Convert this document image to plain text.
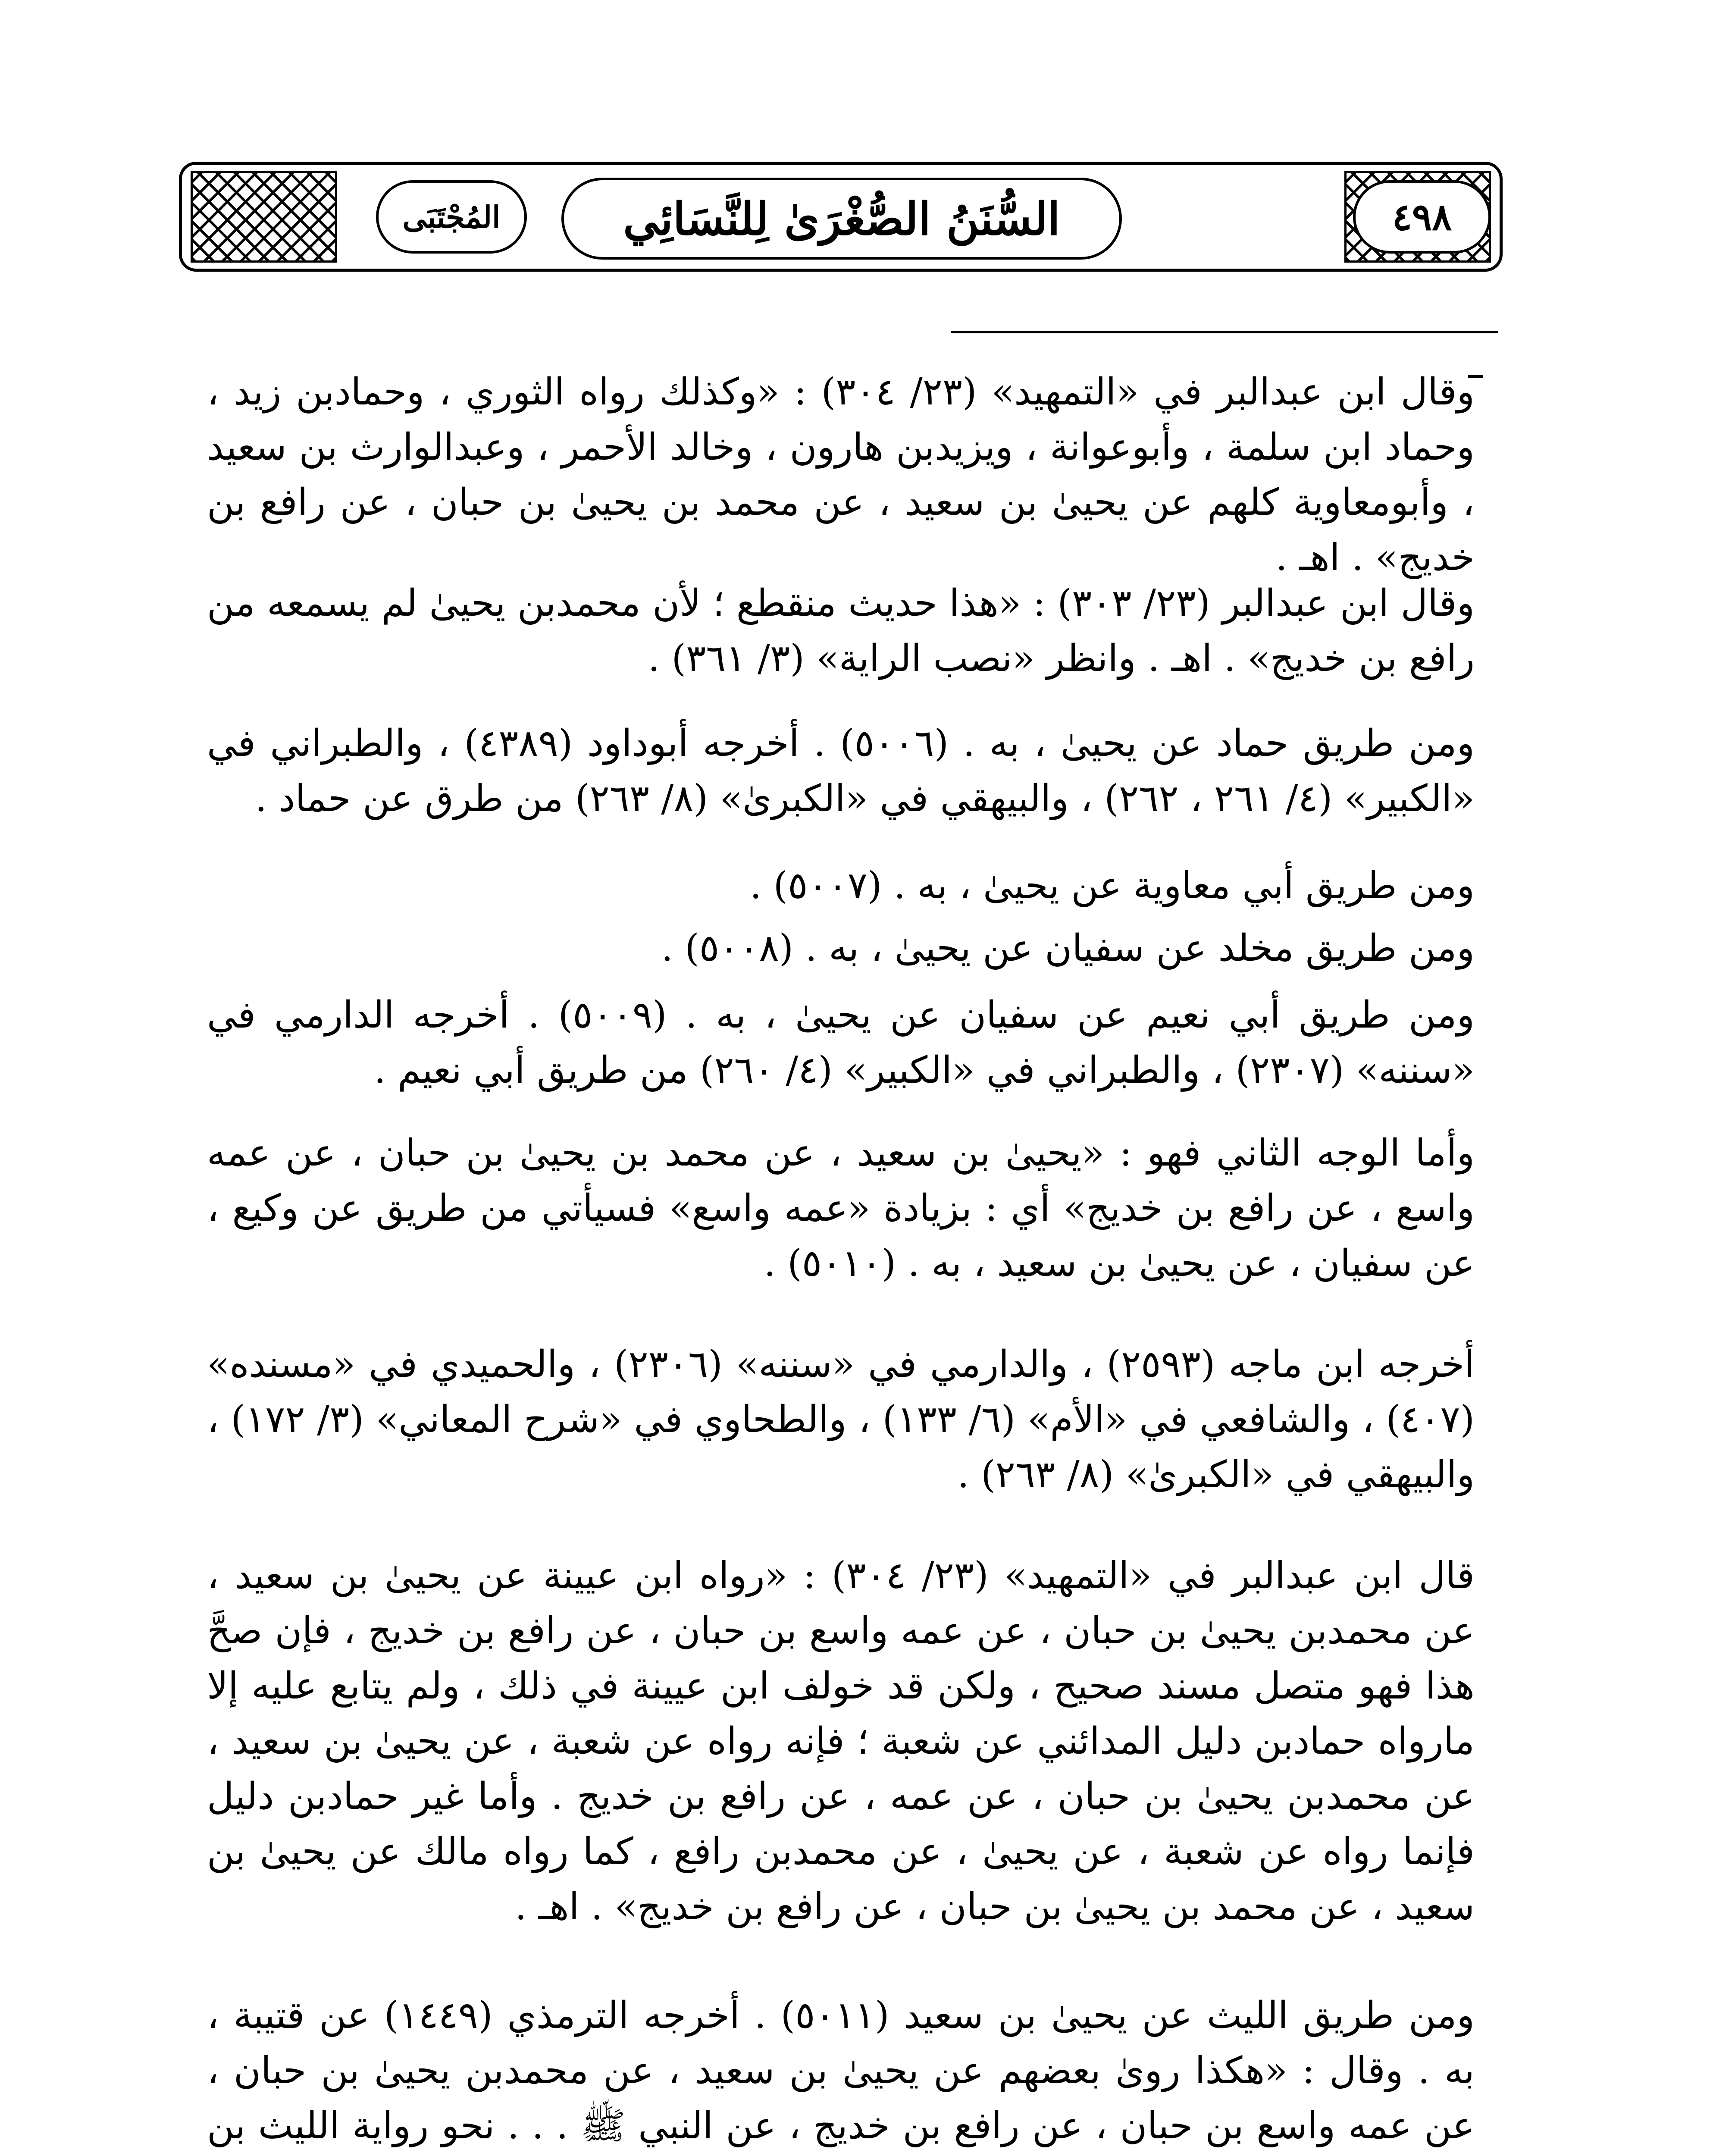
المُجْتَبَى	السُّنَنُ الصُّغْرَىٰ لِلنَّسَائِي	٤٩٨

وقال ابن عبدالبر في «التمهيد» (٢٣/ ٣٠٤) : «وكذلك رواه الثوري ، وحمادبن زيد ، وحماد ابن سلمة ، وأبوعوانة ، ويزيدبن هارون ، وخالد الأحمر ، وعبدالوارث بن سعيد ، وأبومعاوية كلهم عن يحيىٰ بن سعيد ، عن محمد بن يحيىٰ بن حبان ، عن رافع بن خديج» . اهـ .

وقال ابن عبدالبر (٢٣/ ٣٠٣) : «هذا حديث منقطع ؛ لأن محمدبن يحيىٰ لم يسمعه من رافع بن خديج» . اهـ . وانظر «نصب الراية» (٣/ ٣٦١) .

ومن طريق حماد عن يحيىٰ ، به . (٥٠٠٦) . أخرجه أبوداود (٤٣٨٩) ، والطبراني في «الكبير» (٤/ ٢٦١ ، ٢٦٢) ، والبيهقي في «الكبرىٰ» (٨/ ٢٦٣) من طرق عن حماد .

ومن طريق أبي معاوية عن يحيىٰ ، به . (٥٠٠٧) .

ومن طريق مخلد عن سفيان عن يحيىٰ ، به . (٥٠٠٨) .

ومن طريق أبي نعيم عن سفيان عن يحيىٰ ، به . (٥٠٠٩) . أخرجه الدارمي في «سننه» (٢٣٠٧) ، والطبراني في «الكبير» (٤/ ٢٦٠) من طريق أبي نعيم .

وأما الوجه الثاني فهو : «يحيىٰ بن سعيد ، عن محمد بن يحيىٰ بن حبان ، عن عمه واسع ، عن رافع بن خديج» أي : بزيادة «عمه واسع» فسيأتي من طريق عن وكيع ، عن سفيان ، عن يحيىٰ بن سعيد ، به . (٥٠١٠) .

أخرجه ابن ماجه (٢٥٩٣) ، والدارمي في «سننه» (٢٣٠٦) ، والحميدي في «مسنده» (٤٠٧) ، والشافعي في «الأم» (٦/ ١٣٣) ، والطحاوي في «شرح المعاني» (٣/ ١٧٢) ، والبيهقي في «الكبرىٰ» (٨/ ٢٦٣) .

قال ابن عبدالبر في «التمهيد» (٢٣/ ٣٠٤) : «رواه ابن عيينة عن يحيىٰ بن سعيد ، عن محمدبن يحيىٰ بن حبان ، عن عمه واسع بن حبان ، عن رافع بن خديج ، فإن صحَّ هذا فهو متصل مسند صحيح ، ولكن قد خولف ابن عيينة في ذلك ، ولم يتابع عليه إلا مارواه حمادبن دليل المدائني عن شعبة ؛ فإنه رواه عن شعبة ، عن يحيىٰ بن سعيد ، عن محمدبن يحيىٰ بن حبان ، عن عمه ، عن رافع بن خديج . وأما غير حمادبن دليل فإنما رواه عن شعبة ، عن يحيىٰ ، عن محمدبن رافع ، كما رواه مالك عن يحيىٰ بن سعيد ، عن محمد بن يحيىٰ بن حبان ، عن رافع بن خديج» . اهـ .

ومن طريق الليث عن يحيىٰ بن سعيد (٥٠١١) . أخرجه الترمذي (١٤٤٩) عن قتيبة ، به . وقال : «هكذا روىٰ بعضهم عن يحيىٰ بن سعيد ، عن محمدبن يحيىٰ بن حبان ، عن عمه واسع بن حبان ، عن رافع بن خديج ، عن النبي ﷺ . . . نحو رواية الليث بن
